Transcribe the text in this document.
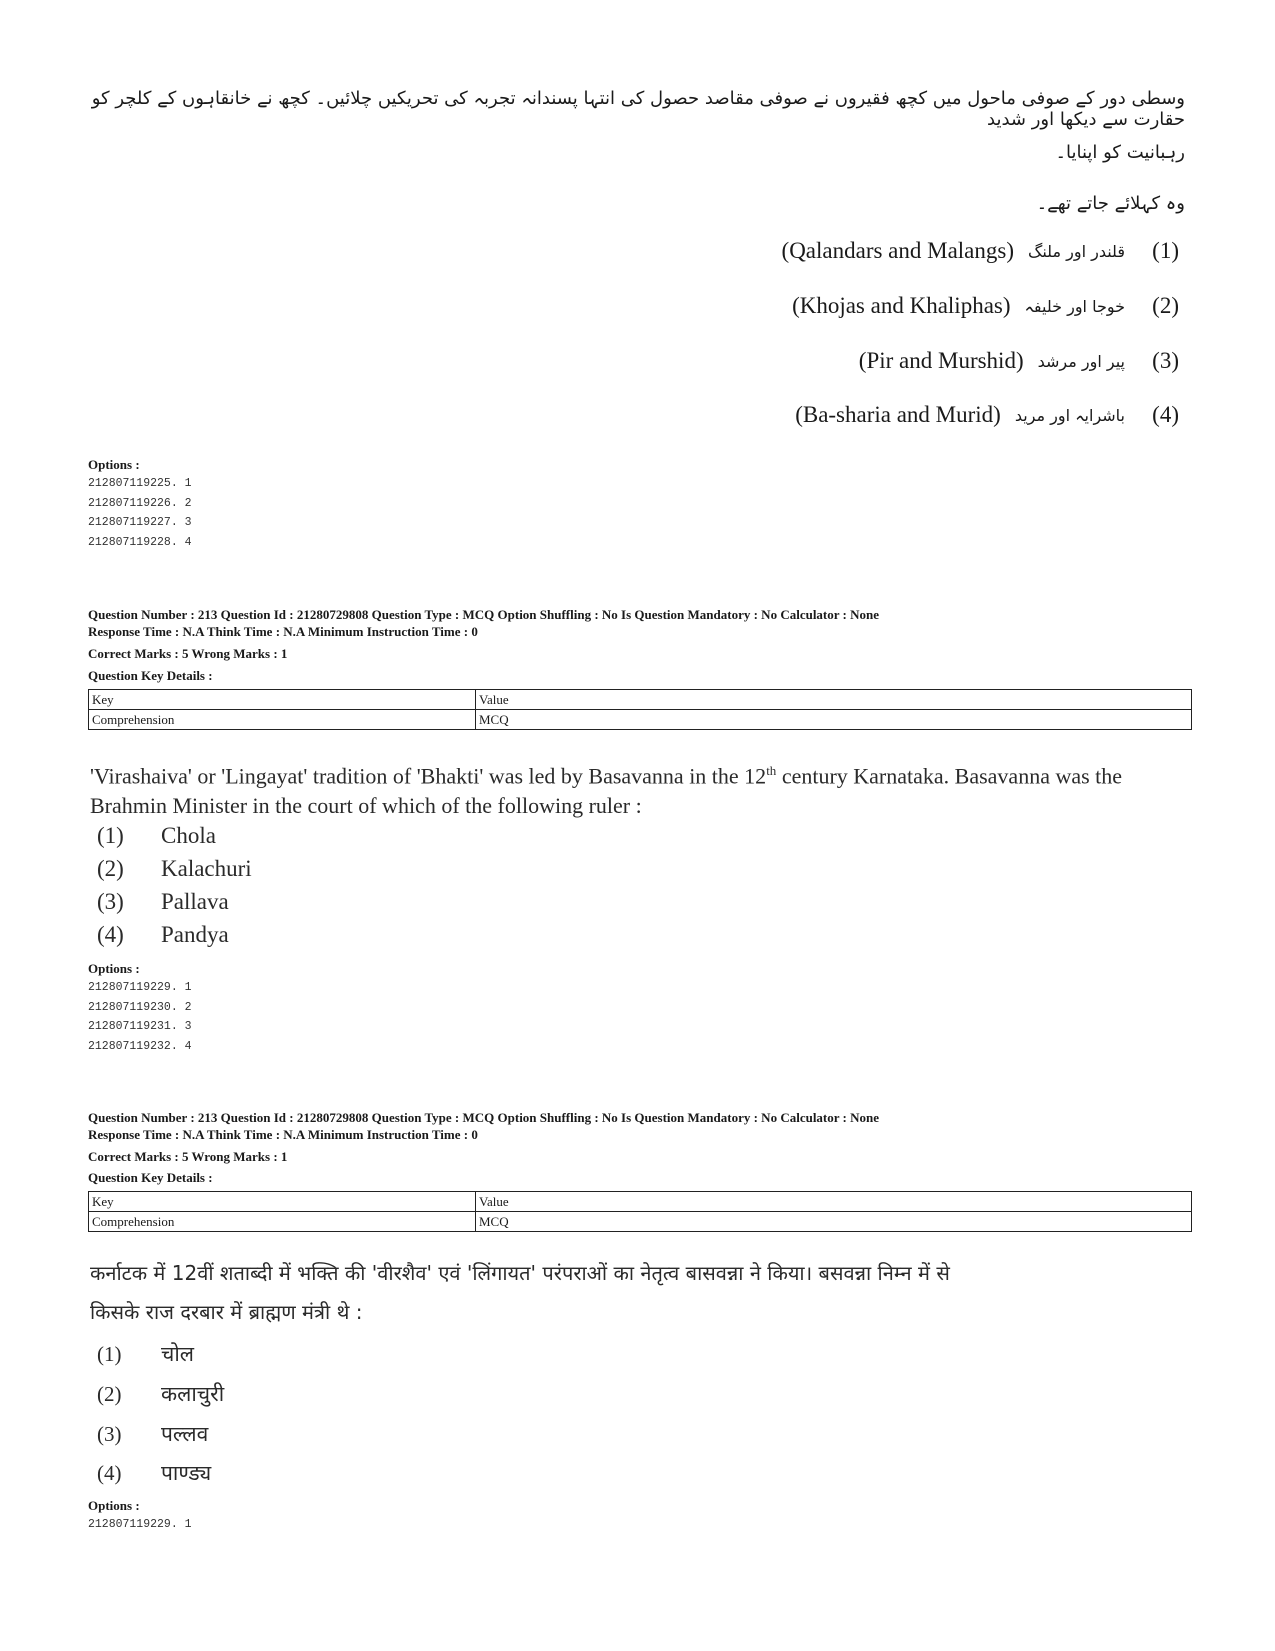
وسطی دور کے صوفی ماحول میں کچھ فقیروں نے صوفی مقاصد حصول کی انتہا پسندانہ تجربہ کی تحریکیں چلائیں۔ کچھ نے خانقاہوں کے کلچر کو حقارت سے دیکھا اور شدید
رہبانیت کو اپنایا۔
وہ کہلائے جاتے تھے۔
(Qalandars and Malangs) قلندر اور ملنگ	(1)
(Khojas and Khaliphas) خوجا اور خلیفہ	(2)
(Pir and Murshid) پیر اور مرشد	(3)
(Ba-sharia and Murid) باشرایہ اور مرید	(4)
Options :
212807119225. 1
212807119226. 2
212807119227. 3
212807119228. 4
Question Number : 213 Question Id : 21280729808 Question Type : MCQ Option Shuffling : No Is Question Mandatory : No Calculator : None
Response Time : N.A Think Time : N.A Minimum Instruction Time : 0
Correct Marks : 5 Wrong Marks : 1
Question Key Details :
Key	Value
Comprehension	MCQ
'Virashaiva' or 'Lingayat' tradition of 'Bhakti' was led by Basavanna in the 12th century Karnataka. Basavanna was the Brahmin Minister in the court of which of the following ruler :
(1) Chola
(2) Kalachuri
(3) Pallava
(4) Pandya
Options :
212807119229. 1
212807119230. 2
212807119231. 3
212807119232. 4
Question Number : 213 Question Id : 21280729808 Question Type : MCQ Option Shuffling : No Is Question Mandatory : No Calculator : None
Response Time : N.A Think Time : N.A Minimum Instruction Time : 0
Correct Marks : 5 Wrong Marks : 1
Question Key Details :
Key	Value
Comprehension	MCQ
कर्नाटक में 12वीं शताब्दी में भक्ति की 'वीरशैव' एवं 'लिंगायत' परंपराओं का नेतृत्व बासवन्ना ने किया। बसवन्ना निम्न में से
किसके राज दरबार में ब्राह्मण मंत्री थे :
(1) चोल
(2) कलाचुरी
(3) पल्लव
(4) पाण्ड्य
Options :
212807119229. 1
